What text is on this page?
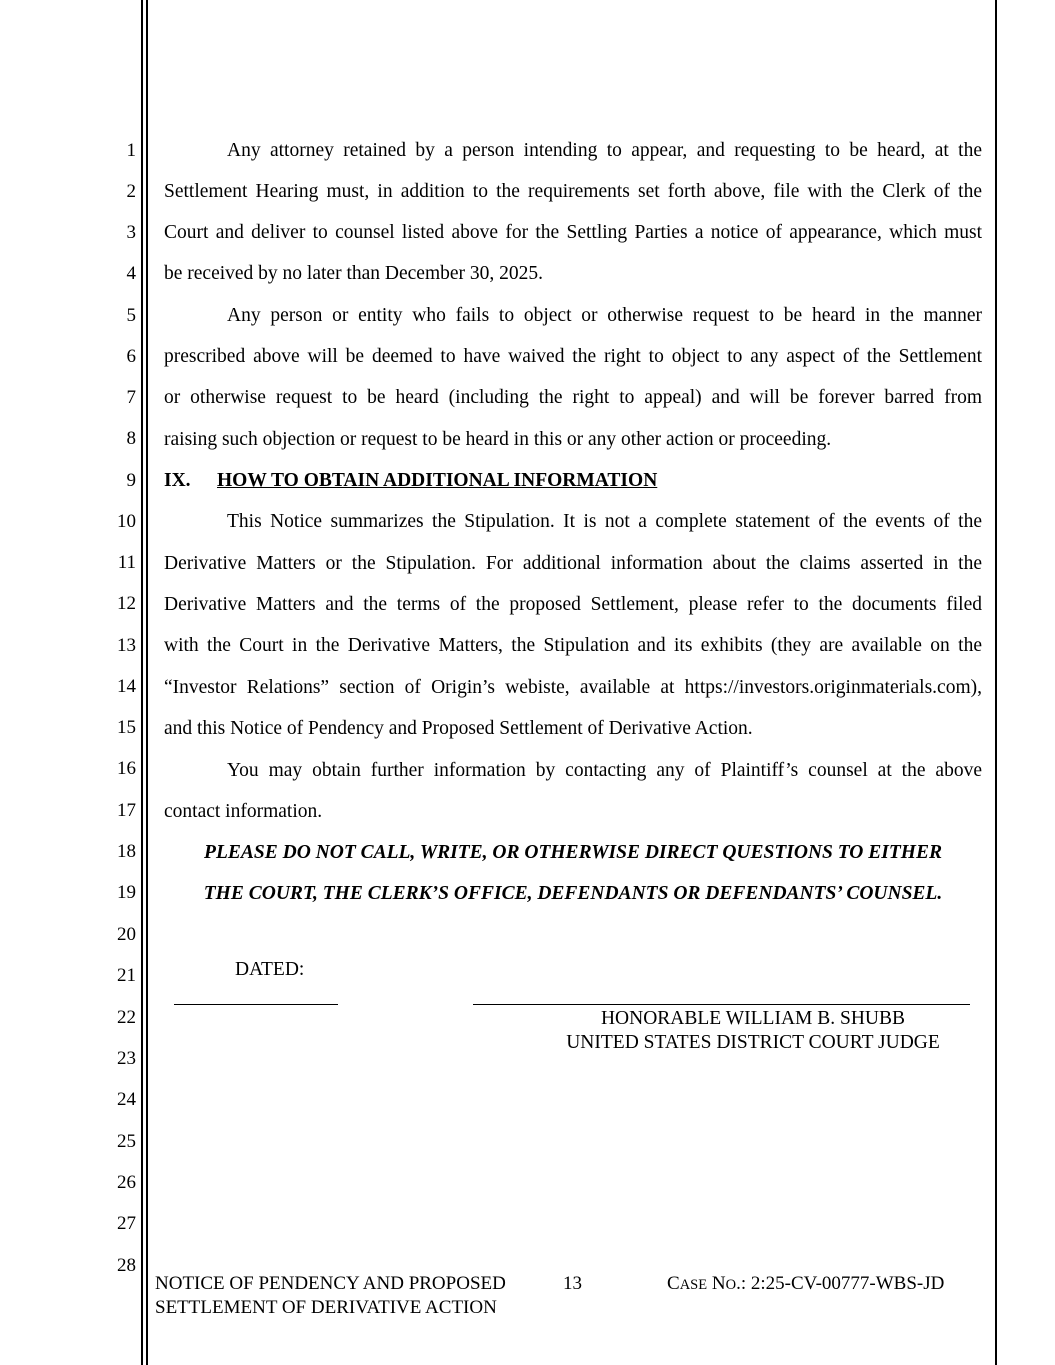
1
2
3
4
5
6
7
8
9
10
11
12
13
14
15
16
17
18
19
20
21
22
23
24
25
26
27
28
Any attorney retained by a person intending to appear, and requesting to be heard, at the
Settlement Hearing must, in addition to the requirements set forth above, file with the Clerk of the
Court and deliver to counsel listed above for the Settling Parties a notice of appearance, which must
be received by no later than December 30, 2025.
Any person or entity who fails to object or otherwise request to be heard in the manner
prescribed above will be deemed to have waived the right to object to any aspect of the Settlement
or otherwise request to be heard (including the right to appeal) and will be forever barred from
raising such objection or request to be heard in this or any other action or proceeding.
IX. HOW TO OBTAIN ADDITIONAL INFORMATION
This Notice summarizes the Stipulation. It is not a complete statement of the events of the
Derivative Matters or the Stipulation. For additional information about the claims asserted in the
Derivative Matters and the terms of the proposed Settlement, please refer to the documents filed
with the Court in the Derivative Matters, the Stipulation and its exhibits (they are available on the
“Investor Relations” section of Origin’s webiste, available at https://investors.originmaterials.com),
and this Notice of Pendency and Proposed Settlement of Derivative Action.
You may obtain further information by contacting any of Plaintiff’s counsel at the above
contact information.
PLEASE DO NOT CALL, WRITE, OR OTHERWISE DIRECT QUESTIONS TO EITHER
THE COURT, THE CLERK’S OFFICE, DEFENDANTS OR DEFENDANTS’ COUNSEL.
DATED:
HONORABLE WILLIAM B. SHUBB
UNITED STATES DISTRICT COURT JUDGE
NOTICE OF PENDENCY AND PROPOSED
SETTLEMENT OF DERIVATIVE ACTION
13	CASE NO.: 2:25-CV-00777-WBS-JD
